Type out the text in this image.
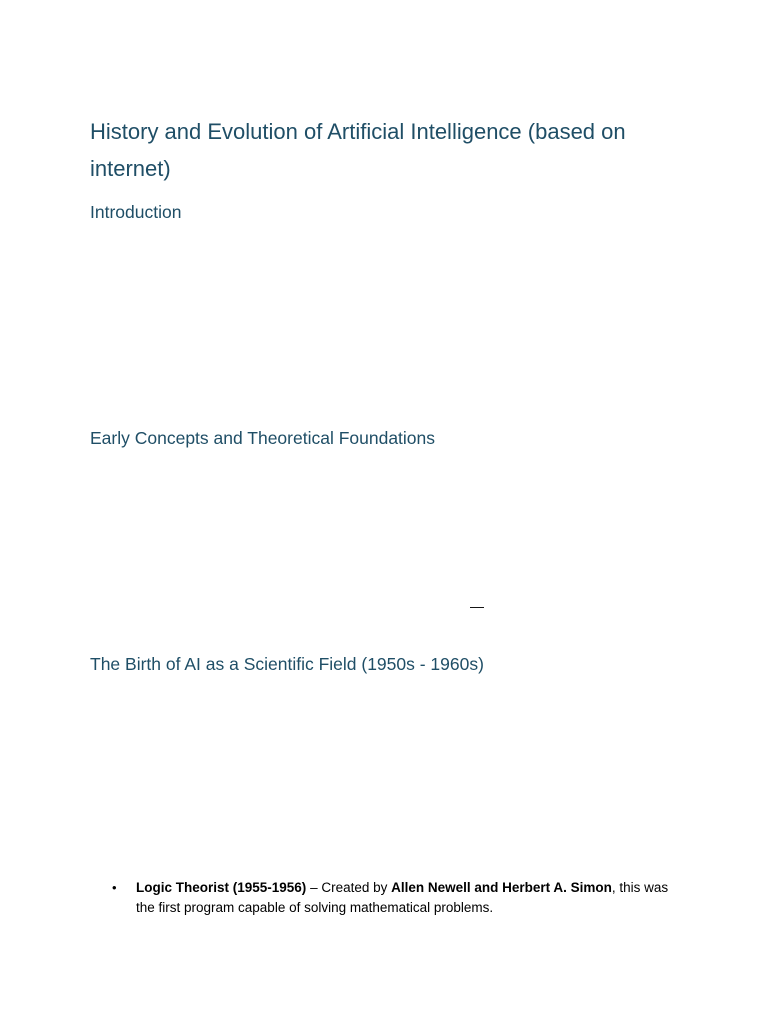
History and Evolution of Artificial Intelligence (based on internet)
Introduction
Early Concepts and Theoretical Foundations
—
The Birth of AI as a Scientific Field (1950s - 1960s)
• Logic Theorist (1955-1956) – Created by Allen Newell and Herbert A. Simon, this was the first program capable of solving mathematical problems.
